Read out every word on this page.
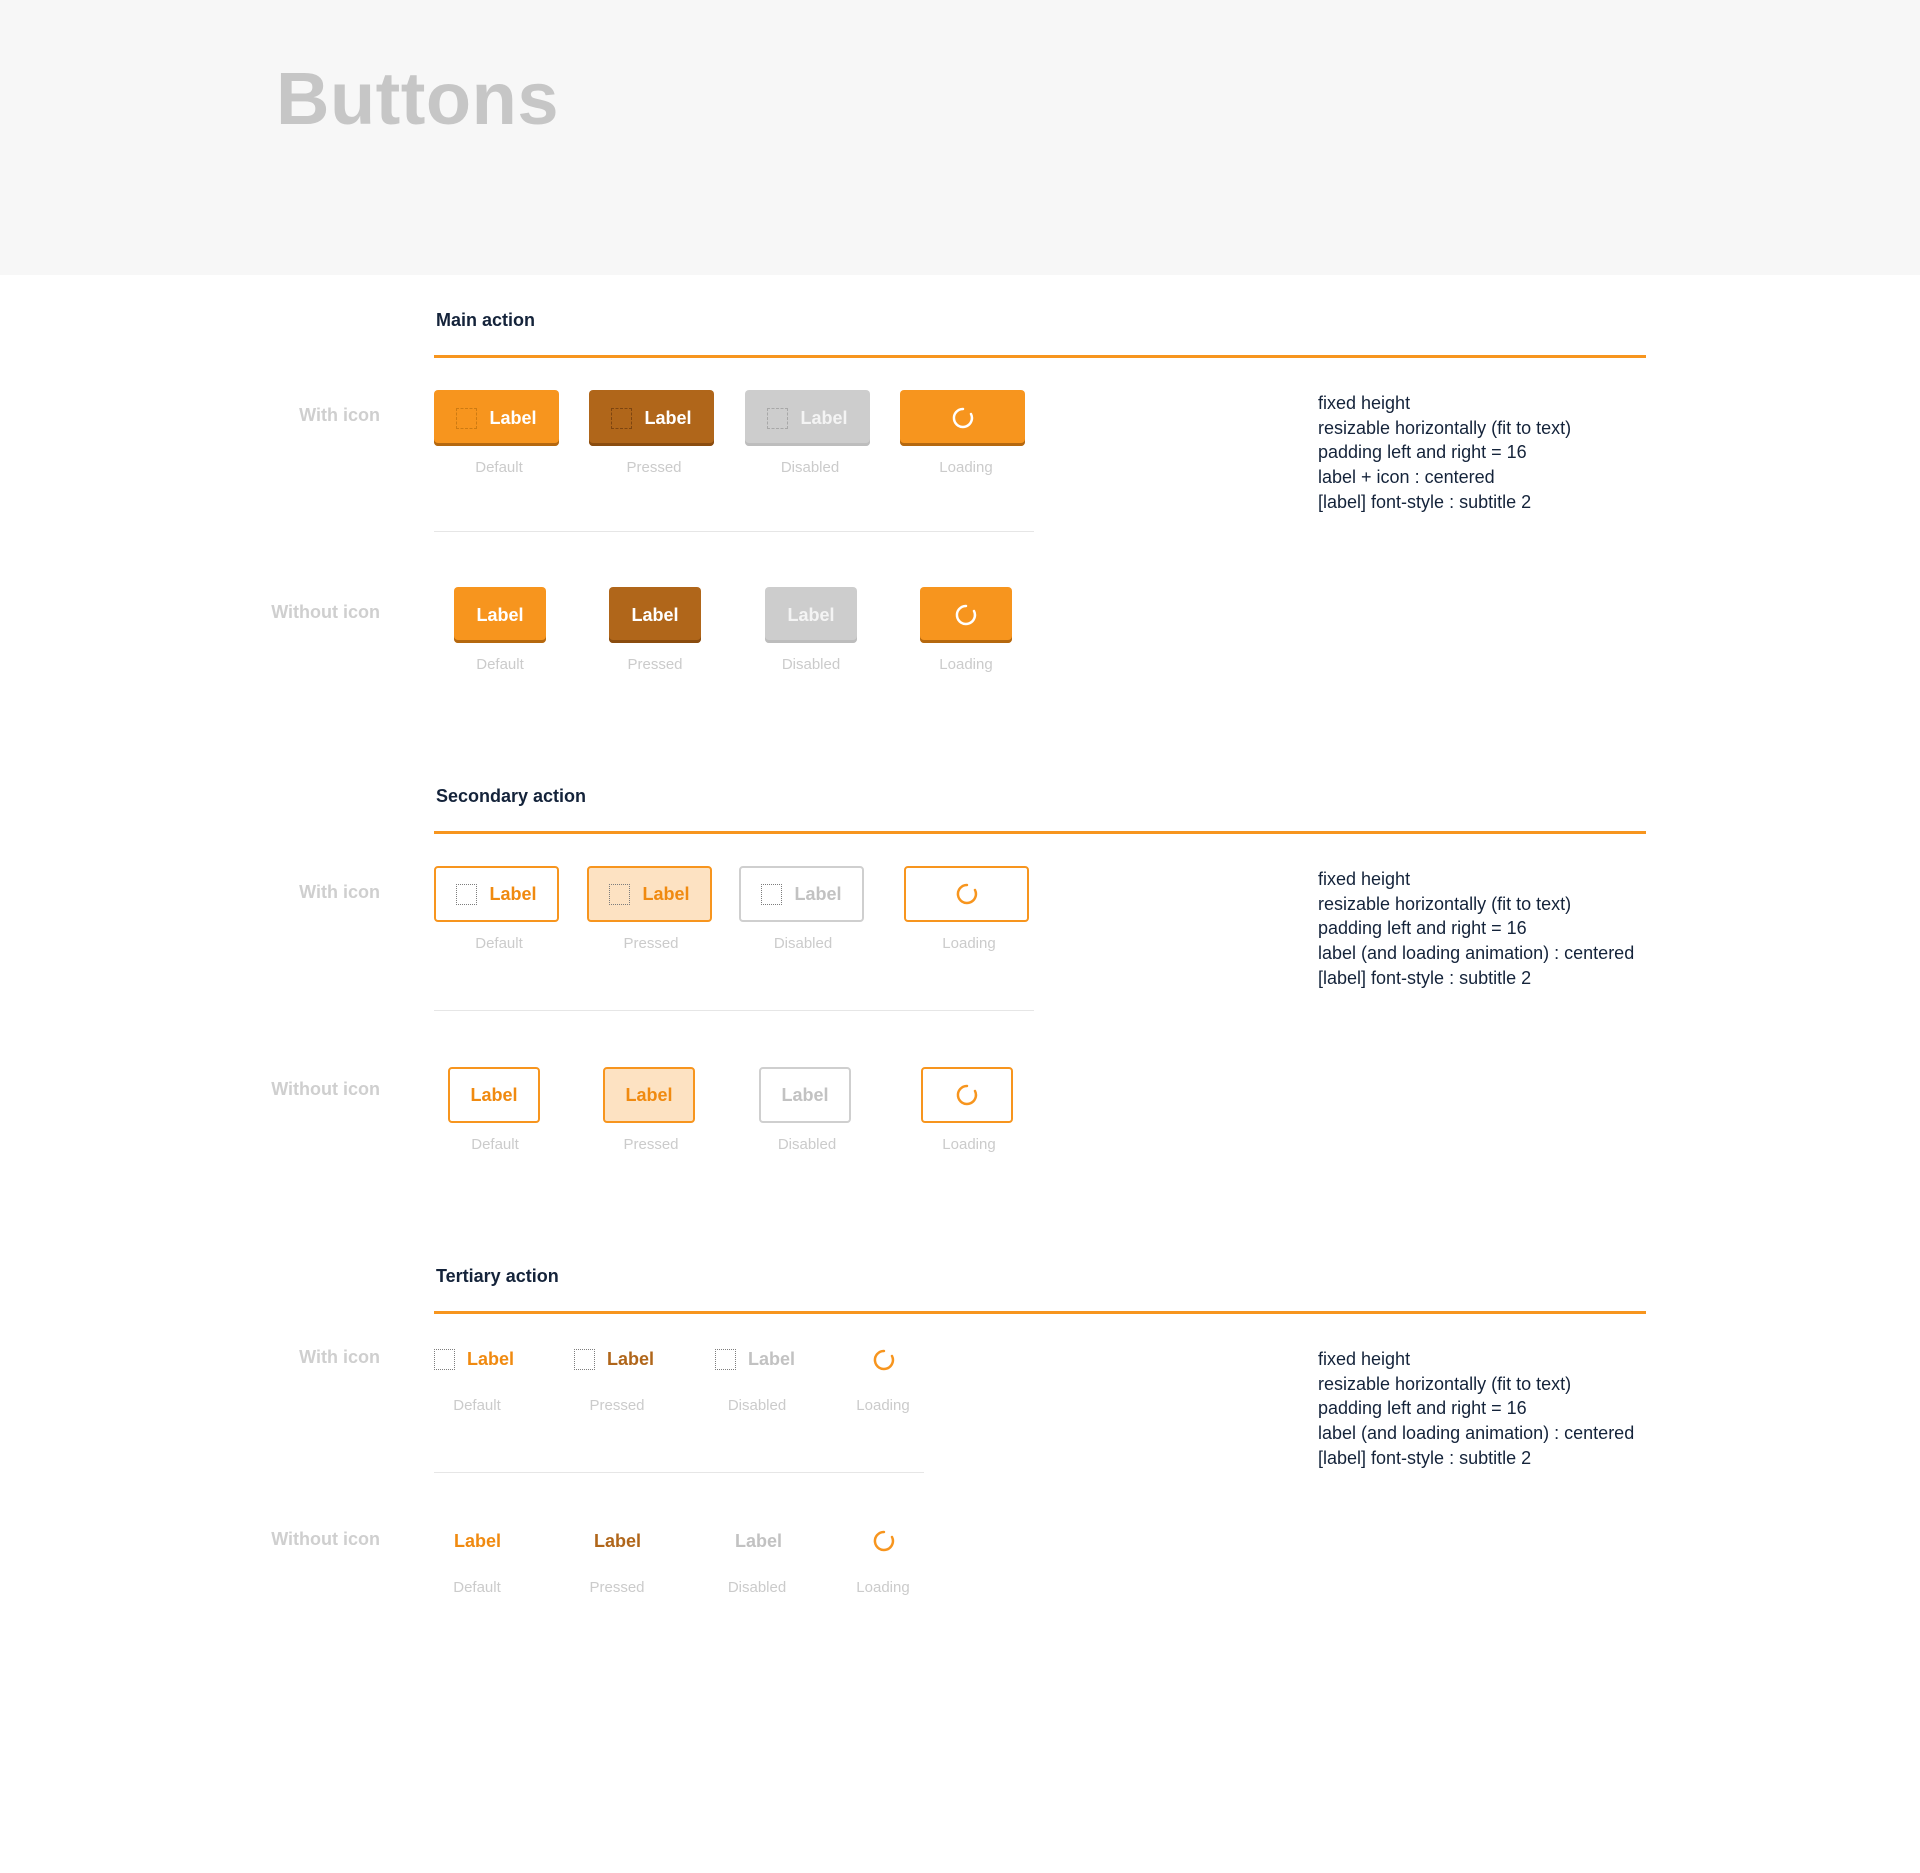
Buttons
Main action
With icon	Label	Label	Label
Default	Pressed	Disabled	Loading
Without icon	Label	Label	Label
Default	Pressed	Disabled	Loading
fixed height
resizable horizontally (fit to text)
padding left and right = 16
label + icon : centered
[label] font-style : subtitle 2
Secondary action
With icon	Label	Label	Label
Default	Pressed	Disabled	Loading
Without icon	Label	Label	Label
Default	Pressed	Disabled	Loading
fixed height
resizable horizontally (fit to text)
padding left and right = 16
label (and loading animation) : centered
[label] font-style : subtitle 2
Tertiary action
With icon	Label	Label	Label
Default	Pressed	Disabled	Loading
Without icon	Label	Label	Label
Default	Pressed	Disabled	Loading
fixed height
resizable horizontally (fit to text)
padding left and right = 16
label (and loading animation) : centered
[label] font-style : subtitle 2
